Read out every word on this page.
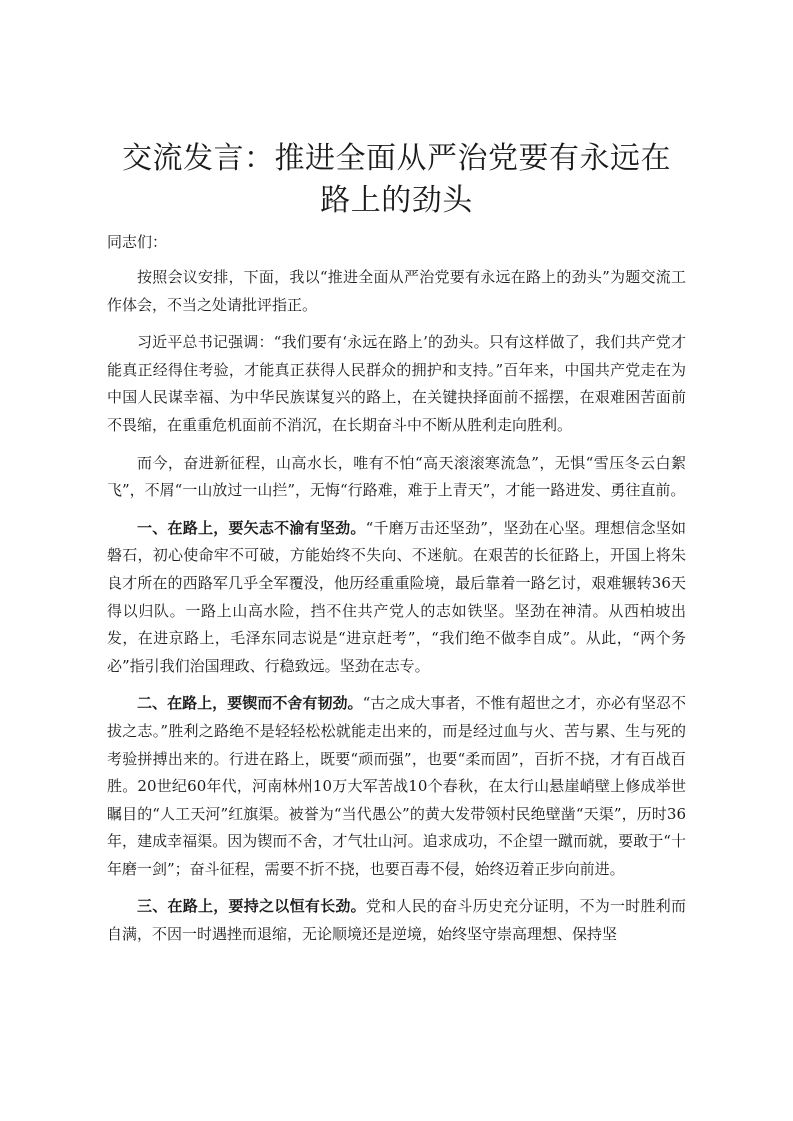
交流发言：推进全面从严治党要有永远在路上的劲头

同志们：

按照会议安排，下面，我以“推进全面从严治党要有永远在路上的劲头”为题交流工作体会，不当之处请批评指正。

习近平总书记强调：“我们要有‘永远在路上’的劲头。只有这样做了，我们共产党才能真正经得住考验，才能真正获得人民群众的拥护和支持。”百年来，中国共产党走在为中国人民谋幸福、为中华民族谋复兴的路上，在关键抉择面前不摇摆，在艰难困苦面前不畏缩，在重重危机面前不消沉，在长期奋斗中不断从胜利走向胜利。

而今，奋进新征程，山高水长，唯有不怕“高天滚滚寒流急”，无惧“雪压冬云白絮飞”，不屑“一山放过一山拦”，无悔“行路难，难于上青天”，才能一路进发、勇往直前。

一、在路上，要矢志不渝有坚劲。“千磨万击还坚劲”，坚劲在心坚。理想信念坚如磐石，初心使命牢不可破，方能始终不失向、不迷航。在艰苦的长征路上，开国上将朱良才所在的西路军几乎全军覆没，他历经重重险境，最后靠着一路乞讨，艰难辗转36天得以归队。一路上山高水险，挡不住共产党人的志如铁坚。坚劲在神清。从西柏坡出发，在进京路上，毛泽东同志说是“进京赶考”，“我们绝不做李自成”。从此，“两个务必”指引我们治国理政、行稳致远。坚劲在志专。

二、在路上，要锲而不舍有韧劲。“古之成大事者，不惟有超世之才，亦必有坚忍不拔之志。”胜利之路绝不是轻轻松松就能走出来的，而是经过血与火、苦与累、生与死的考验拼搏出来的。行进在路上，既要“顽而强”，也要“柔而固”，百折不挠，才有百战百胜。20世纪60年代，河南林州10万大军苦战10个春秋，在太行山悬崖峭壁上修成举世瞩目的“人工天河”红旗渠。被誉为“当代愚公”的黄大发带领村民绝壁凿“天渠”，历时36年，建成幸福渠。因为锲而不舍，才气壮山河。追求成功，不企望一蹴而就，要敢于“十年磨一剑”；奋斗征程，需要不折不挠，也要百毒不侵，始终迈着正步向前进。

三、在路上，要持之以恒有长劲。党和人民的奋斗历史充分证明，不为一时胜利而自满，不因一时遇挫而退缩，无论顺境还是逆境，始终坚守崇高理想、保持坚
